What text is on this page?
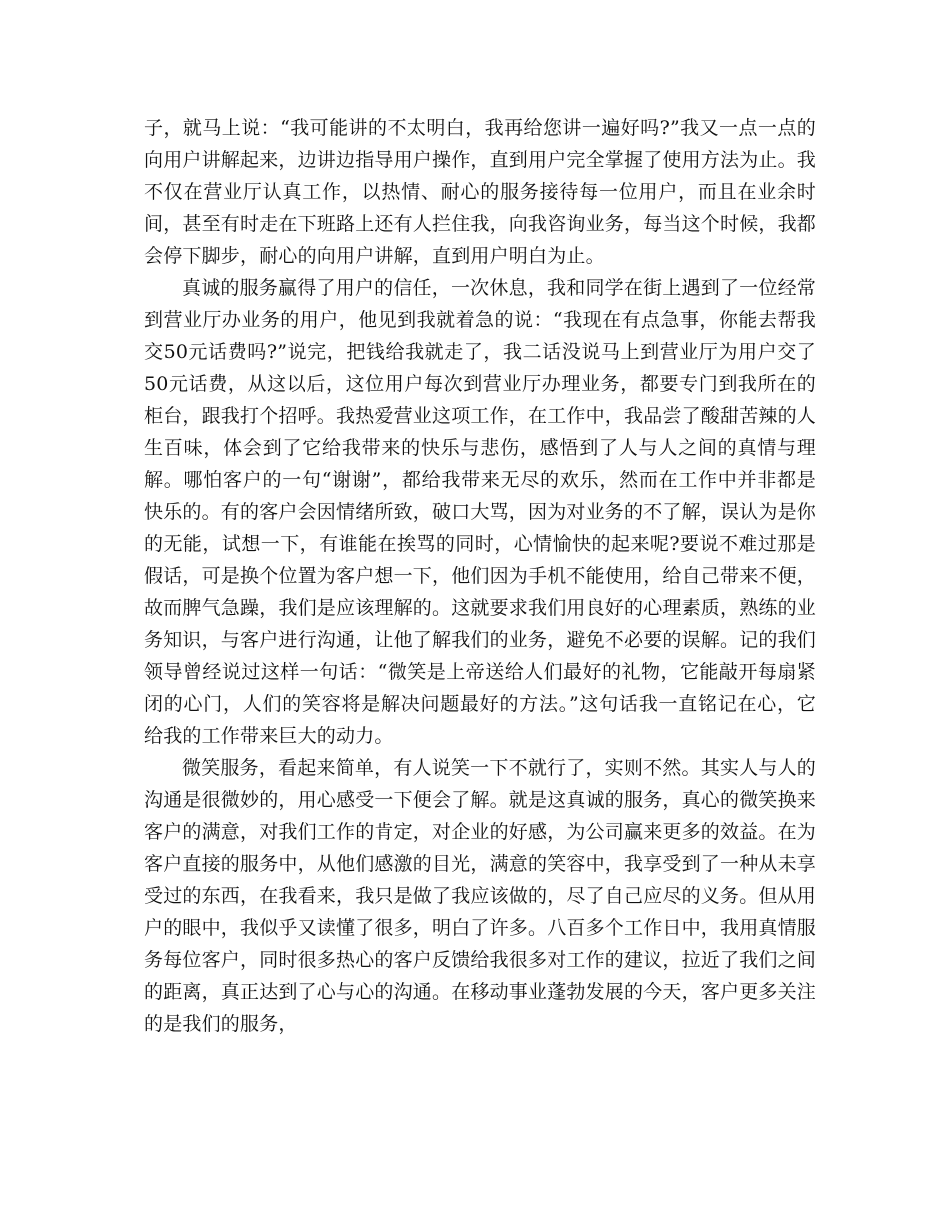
子，就马上说：“我可能讲的不太明白，我再给您讲一遍好吗?”我又一点一点的向用户讲解起来，边讲边指导用户操作，直到用户完全掌握了使用方法为止。我不仅在营业厅认真工作，以热情、耐心的服务接待每一位用户，而且在业余时间，甚至有时走在下班路上还有人拦住我，向我咨询业务，每当这个时候，我都会停下脚步，耐心的向用户讲解，直到用户明白为止。

真诚的服务赢得了用户的信任，一次休息，我和同学在街上遇到了一位经常到营业厅办业务的用户，他见到我就着急的说：“我现在有点急事，你能去帮我交50元话费吗?”说完，把钱给我就走了，我二话没说马上到营业厅为用户交了50元话费，从这以后，这位用户每次到营业厅办理业务，都要专门到我所在的柜台，跟我打个招呼。我热爱营业这项工作，在工作中，我品尝了酸甜苦辣的人生百味，体会到了它给我带来的快乐与悲伤，感悟到了人与人之间的真情与理解。哪怕客户的一句“谢谢”，都给我带来无尽的欢乐，然而在工作中并非都是快乐的。有的客户会因情绪所致，破口大骂，因为对业务的不了解，误认为是你的无能，试想一下，有谁能在挨骂的同时，心情愉快的起来呢?要说不难过那是假话，可是换个位置为客户想一下，他们因为手机不能使用，给自己带来不便，故而脾气急躁，我们是应该理解的。这就要求我们用良好的心理素质，熟练的业务知识，与客户进行沟通，让他了解我们的业务，避免不必要的误解。记的我们领导曾经说过这样一句话：“微笑是上帝送给人们最好的礼物，它能敲开每扇紧闭的心门，人们的笑容将是解决问题最好的方法。”这句话我一直铭记在心，它给我的工作带来巨大的动力。

微笑服务，看起来简单，有人说笑一下不就行了，实则不然。其实人与人的沟通是很微妙的，用心感受一下便会了解。就是这真诚的服务，真心的微笑换来客户的满意，对我们工作的肯定，对企业的好感，为公司赢来更多的效益。在为客户直接的服务中，从他们感激的目光，满意的笑容中，我享受到了一种从未享受过的东西，在我看来，我只是做了我应该做的，尽了自己应尽的义务。但从用户的眼中，我似乎又读懂了很多，明白了许多。八百多个工作日中，我用真情服务每位客户，同时很多热心的客户反馈给我很多对工作的建议，拉近了我们之间的距离，真正达到了心与心的沟通。在移动事业蓬勃发展的今天，客户更多关注的是我们的服务，
